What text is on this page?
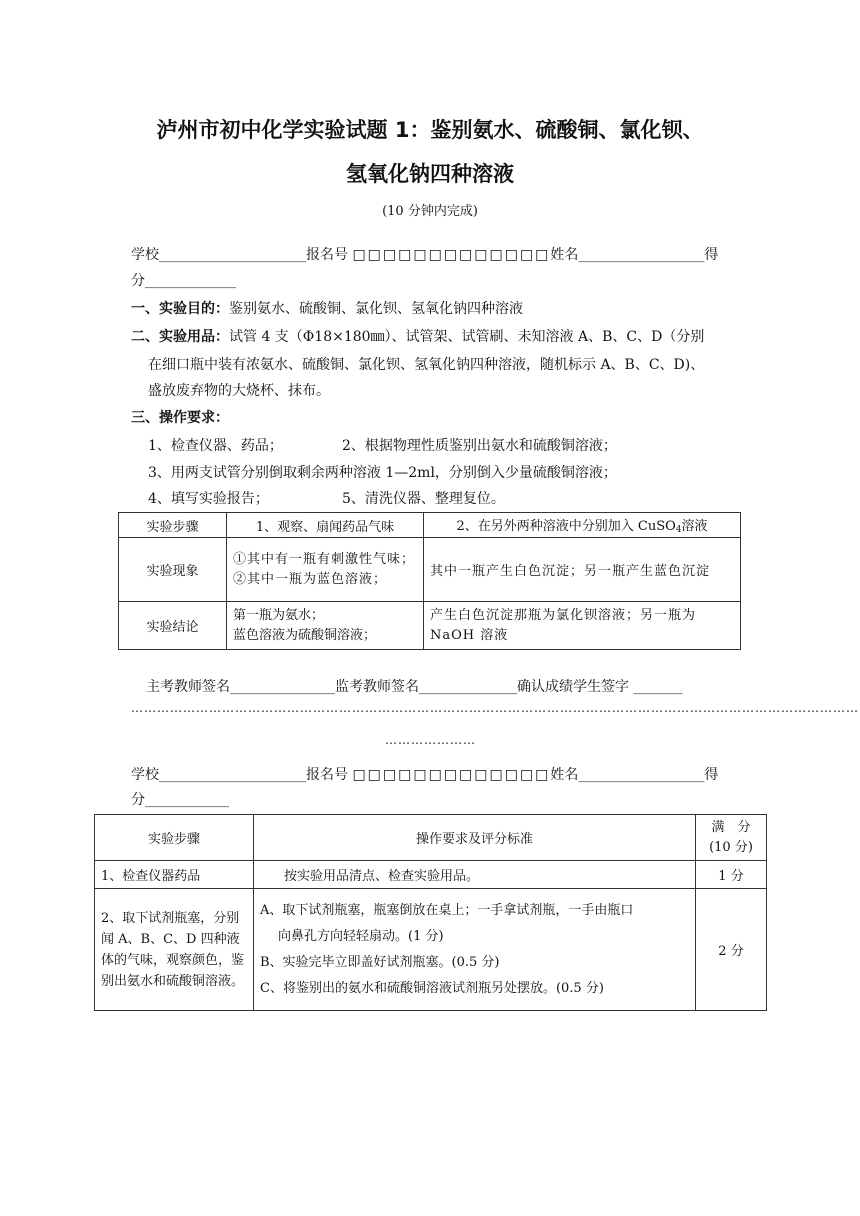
泸州市初中化学实验试题 1：鉴别氨水、硫酸铜、氯化钡、
氢氧化钠四种溶液
(10 分钟内完成)
学校_____________________报名号 □□□□□□□□□□□□□姓名__________________得
分_____________
一、实验目的：鉴别氨水、硫酸铜、氯化钡、氢氧化钠四种溶液
二、实验用品：试管 4 支（Φ18×180㎜）、试管架、试管刷、未知溶液 A、B、C、D（分别
在细口瓶中装有浓氨水、硫酸铜、氯化钡、氢氧化钠四种溶液，随机标示 A、B、C、D)、
盛放废弃物的大烧杯、抹布。
三、操作要求：
1、检查仪器、药品；	2、根据物理性质鉴别出氨水和硫酸铜溶液；
3、用两支试管分别倒取剩余两种溶液 1—2ml，分别倒入少量硫酸铜溶液；
4、填写实验报告；	5、清洗仪器、整理复位。
实验步骤	1、观察、扇闻药品气味	2、在另外两种溶液中分别加入 CuSO$_4$溶液
实验现象	①其中有一瓶有刺激性气味；
②其中一瓶为蓝色溶液；	其中一瓶产生白色沉淀；另一瓶产生蓝色沉淀
实验结论	第一瓶为氨水；
蓝色溶液为硫酸铜溶液；	产生白色沉淀那瓶为氯化钡溶液；另一瓶为 NaOH 溶液
主考教师签名_______________监考教师签名______________确认成绩学生签字 _______
……………………………………………………………………………………………………………………………………………………
…………………
学校_____________________报名号 □□□□□□□□□□□□□姓名__________________得
分____________
实验步骤	操作要求及评分标准	满　分
(10 分)

1、检查仪器药品	按实验用品清点、检查实验用品。	1 分
2、取下试剂瓶塞，分别闻 A、B、C、D 四种液体的气味，观察颜色，鉴别出氨水和硫酸铜溶液。	A、取下试剂瓶塞，瓶塞倒放在桌上；一手拿试剂瓶，一手由瓶口
向鼻孔方向轻轻扇动。(1 分)
B、实验完毕立即盖好试剂瓶塞。(0.5 分)
C、将鉴别出的氨水和硫酸铜溶液试剂瓶另处摆放。(0.5 分)	2 分
